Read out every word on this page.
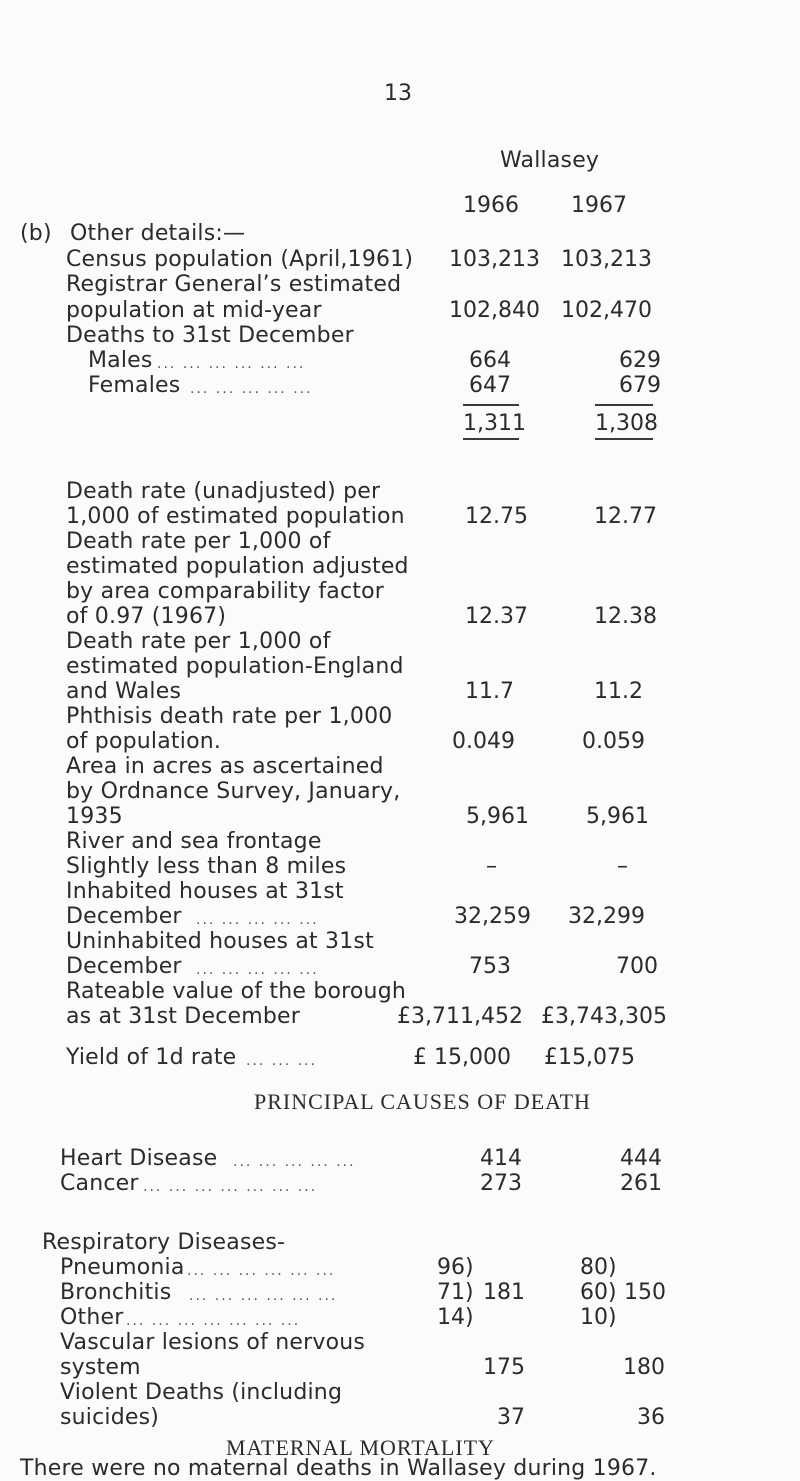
13
Wallasey
1966 1967
(b) Other details:—
Census population (April,1961) 103,213 103,213
Registrar General’s estimated
population at mid-year	102,840 102,470
Deaths to 31st December
Males ... ... ... ... ... ...	664	629
Females ... ... ... ... ...	647	679
1,311	1,308
Death rate (unadjusted) per
1,000 of estimated population	12.75	12.77
Death rate per 1,000 of
estimated population adjusted
by area comparability factor
of 0.97 (1967)	12.37	12.38
Death rate per 1,000 of
estimated population-England
and Wales	11.7	11.2
Phthisis death rate per 1,000
of population.	0.049	0.059
Area in acres as ascertained
by Ordnance Survey, January,
1935	5,961	5,961
River and sea frontage
Slightly less than 8 miles	–	–
Inhabited houses at 31st
December ... ... ... ... ...	32,259 32,299
Uninhabited houses at 31st
December ... ... ... ... ...	753	700
Rateable value of the borough
as at 31st December	£3,711,452 £3,743,305
Yield of 1d rate ... ... ...	£ 15,000 £15,075
PRINCIPAL CAUSES OF DEATH
Heart Disease ... ... ... ... ...	414	444
Cancer ... ... ... ... ... ... ...	273	261
Respiratory Diseases-
Pneumonia ... ... ... ... ... ...	96)	80)
Bronchitis ... ... ... ... ... ...	71) 181	60) 150
Other ... ... ... ... ... ... ...	14)	10)
Vascular lesions of nervous
system	175	180
Violent Deaths (including
suicides)	37	36
MATERNAL MORTALITY
There were no maternal deaths in Wallasey during 1967.
